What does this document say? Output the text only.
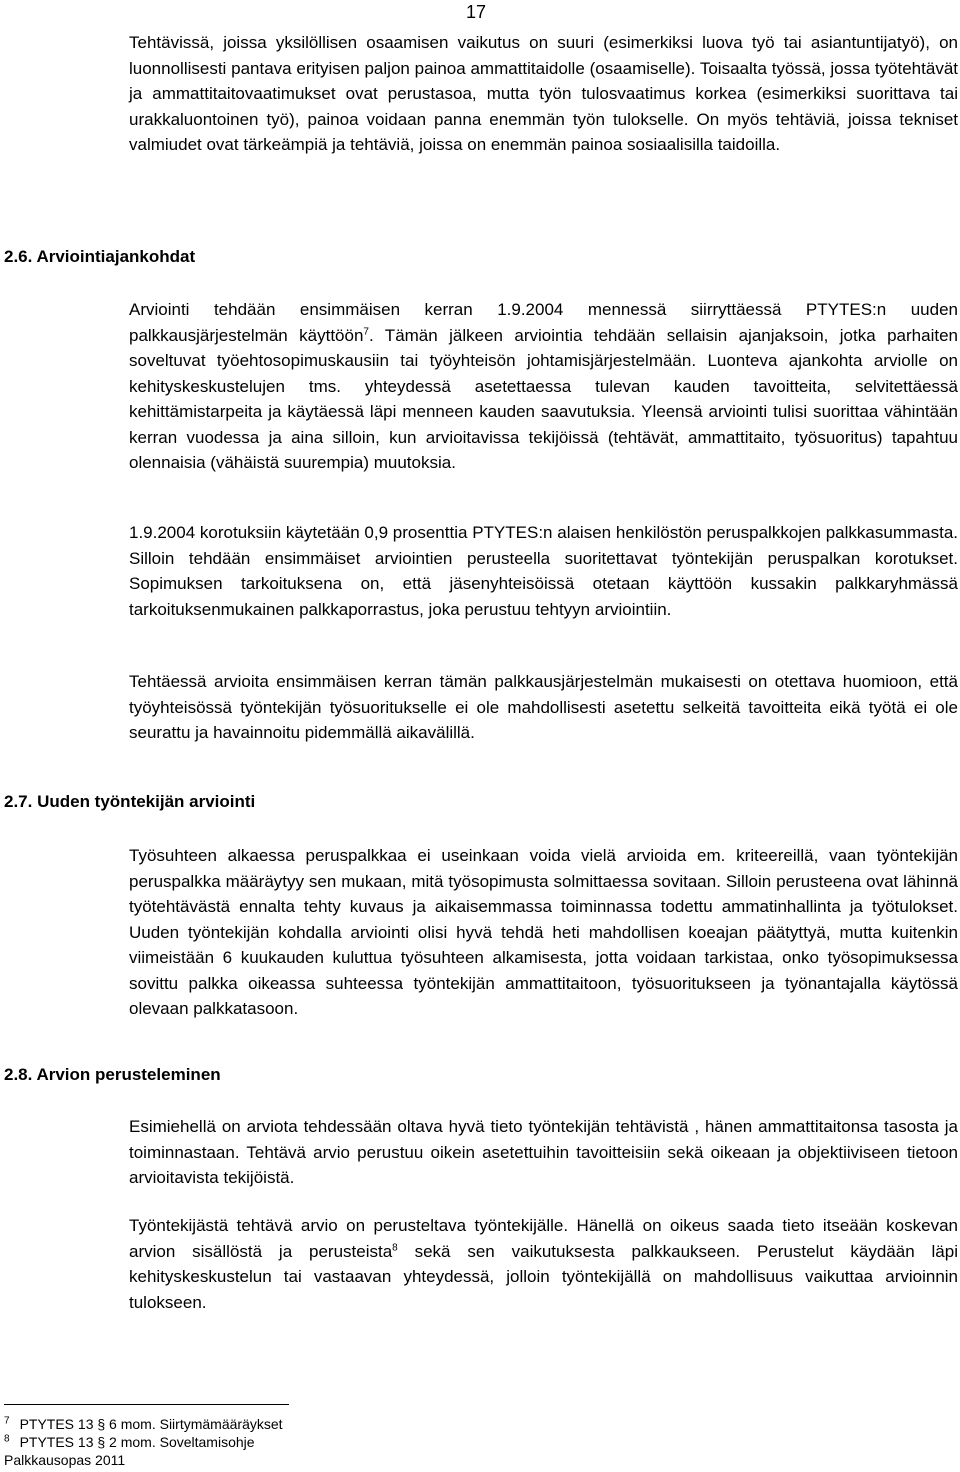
17

Tehtävissä, joissa yksilöllisen osaamisen vaikutus on suuri (esimerkiksi luova työ tai asiantuntijatyö), on luonnollisesti pantava erityisen paljon painoa ammattitaidolle (osaamiselle). Toisaalta työssä, jossa työtehtävät ja ammattitaitovaatimukset ovat perustasoa, mutta työn tulosvaatimus korkea (esimerkiksi suorittava tai urakkaluontoinen työ), painoa voidaan panna enemmän työn tulokselle. On myös tehtäviä, joissa tekniset valmiudet ovat tärkeämpiä ja tehtäviä, joissa on enemmän painoa sosiaalisilla taidoilla.

2.6. Arviointiajankohdat

Arviointi tehdään ensimmäisen kerran 1.9.2004 mennessä siirryttäessä PTYTES:n uuden palkkausjärjestelmän käyttöön$^7$. Tämän jälkeen arviointia tehdään sellaisin ajanjaksoin, jotka parhaiten soveltuvat työehtosopimuskausiin tai työyhteisön johtamisjärjestelmään. Luonteva ajankohta arviolle on kehityskeskustelujen tms. yhteydessä asetettaessa tulevan kauden tavoitteita, selvitettäessä kehittämistarpeita ja käytäessä läpi menneen kauden saavutuksia. Yleensä arviointi tulisi suorittaa vähintään kerran vuodessa ja aina silloin, kun arvioitavissa tekijöissä (tehtävät, ammattitaito, työsuoritus) tapahtuu olennaisia (vähäistä suurempia) muutoksia.

1.9.2004 korotuksiin käytetään 0,9 prosenttia PTYTES:n alaisen henkilöstön peruspalkkojen palkkasummasta. Silloin tehdään ensimmäiset arviointien perusteella suoritettavat työntekijän peruspalkan korotukset. Sopimuksen tarkoituksena on, että jäsenyhteisöissä otetaan käyttöön kussakin palkkaryhmässä tarkoituksenmukainen palkkaporrastus, joka perustuu tehtyyn arviointiin.

Tehtäessä arvioita ensimmäisen kerran tämän palkkausjärjestelmän mukaisesti on otettava huomioon, että työyhteisössä työntekijän työsuoritukselle ei ole mahdollisesti asetettu selkeitä tavoitteita eikä työtä ei ole seurattu ja havainnoitu pidemmällä aikavälillä.

2.7. Uuden työntekijän arviointi

Työsuhteen alkaessa peruspalkkaa ei useinkaan voida vielä arvioida em. kriteereillä, vaan työntekijän peruspalkka määräytyy sen mukaan, mitä työsopimusta solmittaessa sovitaan. Silloin perusteena ovat lähinnä työtehtävästä ennalta tehty kuvaus ja aikaisemmassa toiminnassa todettu ammatinhallinta ja työtulokset. Uuden työntekijän kohdalla arviointi olisi hyvä tehdä heti mahdollisen koeajan päätyttyä, mutta kuitenkin viimeistään 6 kuukauden kuluttua työsuhteen alkamisesta, jotta voidaan tarkistaa, onko työsopimuksessa sovittu palkka oikeassa suhteessa työntekijän ammattitaitoon, työsuoritukseen ja työnantajalla käytössä olevaan palkkatasoon.

2.8. Arvion perusteleminen

Esimiehellä on arviota tehdessään oltava hyvä tieto työntekijän tehtävistä , hänen ammattitaitonsa tasosta ja toiminnastaan. Tehtävä arvio perustuu oikein asetettuihin tavoitteisiin sekä oikeaan ja objektiiviseen tietoon arvioitavista tekijöistä.

Työntekijästä tehtävä arvio on perusteltava työntekijälle. Hänellä on oikeus saada tieto itseään koskevan arvion sisällöstä ja perusteista$^8$ sekä sen vaikutuksesta palkkaukseen. Perustelut käydään läpi kehityskeskustelun tai vastaavan yhteydessä, jolloin työntekijällä on mahdollisuus vaikuttaa arvioinnin tulokseen.

$^7$ PTYTES 13 § 6 mom. Siirtymämääräykset

$^8$ PTYTES 13 § 2 mom. Soveltamisohje

Palkkausopas 2011
